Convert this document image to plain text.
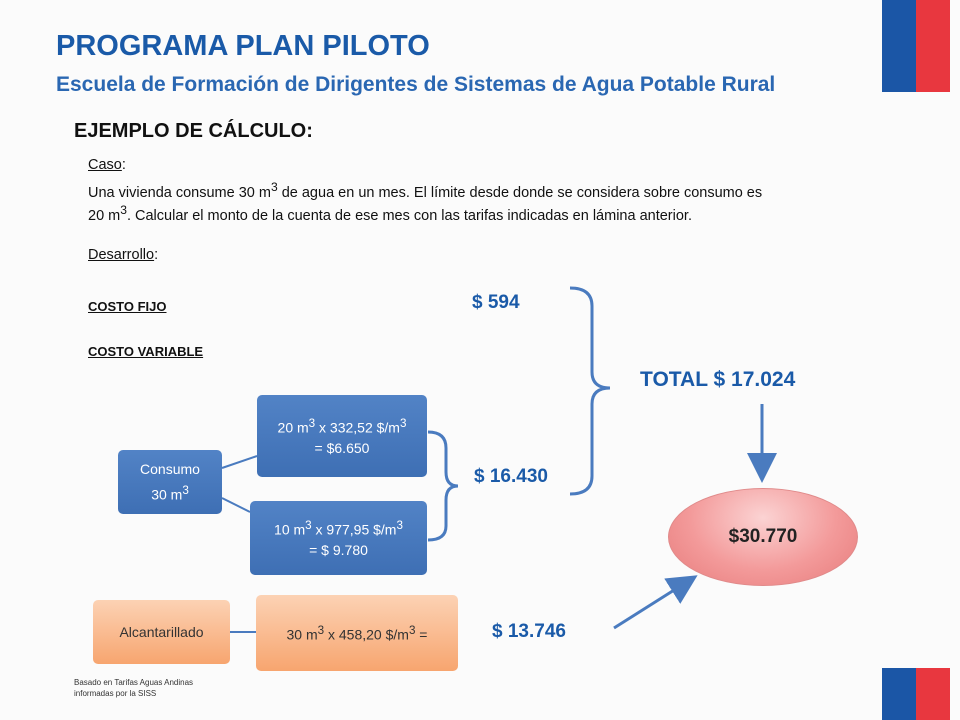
PROGRAMA PLAN PILOTO
Escuela de Formación de Dirigentes de Sistemas de Agua Potable Rural
EJEMPLO DE CÁLCULO:
Caso:
Una vivienda consume 30 $m^3$ de agua en un mes. El límite desde donde se considera sobre consumo es
20 $m^3$. Calcular el monto de la cuenta de ese mes con las tarifas indicadas en lámina anterior.
Desarrollo:
COSTO FIJO
COSTO VARIABLE
$ 594
$ 16.430
TOTAL $ 17.024
$ 13.746
Consumo
30 $m^3$
20 $m^3$ x 332,52 $\$/m^3$
= $6.650
10 $m^3$ x 977,95 $\$/m^3$
= $ 9.780
Alcantarillado	30 $m^3$ x 458,20 $\$/m^3$ =
$30.770
Basado en Tarifas Aguas Andinas
informadas por la SISS
